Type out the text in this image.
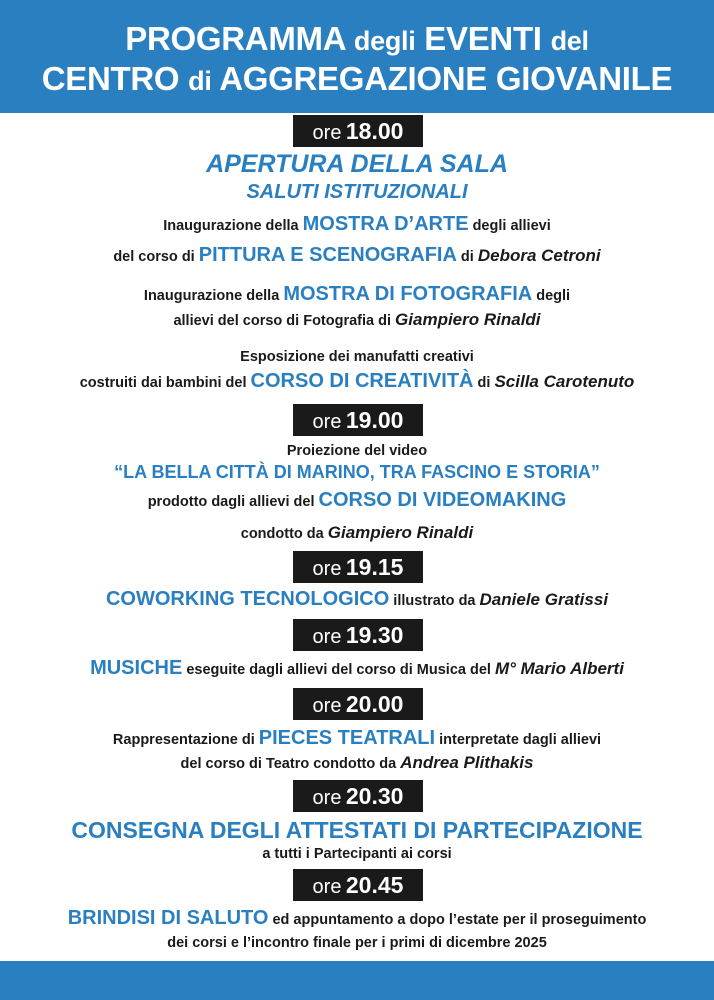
PROGRAMMA degli EVENTI del
CENTRO di AGGREGAZIONE GIOVANILE
ore 18.00
APERTURA DELLA SALA
SALUTI ISTITUZIONALI
Inaugurazione della MOSTRA D’ARTE degli allievi
del corso di PITTURA E SCENOGRAFIA di Debora Cetroni
Inaugurazione della MOSTRA DI FOTOGRAFIA degli
allievi del corso di Fotografia di Giampiero Rinaldi
Esposizione dei manufatti creativi
costruiti dai bambini del CORSO DI CREATIVITÀ di Scilla Carotenuto
ore 19.00
Proiezione del video
“LA BELLA CITTÀ DI MARINO, TRA FASCINO E STORIA”
prodotto dagli allievi del CORSO DI VIDEOMAKING
condotto da Giampiero Rinaldi
ore 19.15
COWORKING TECNOLOGICO illustrato da Daniele Gratissi
ore 19.30
MUSICHE eseguite dagli allievi del corso di Musica del M° Mario Alberti
ore 20.00
Rappresentazione di PIECES TEATRALI interpretate dagli allievi
del corso di Teatro condotto da Andrea Plithakis
ore 20.30
CONSEGNA DEGLI ATTESTATI DI PARTECIPAZIONE
a tutti i Partecipanti ai corsi
ore 20.45
BRINDISI DI SALUTO ed appuntamento a dopo l’estate per il proseguimento
dei corsi e l’incontro finale per i primi di dicembre 2025
